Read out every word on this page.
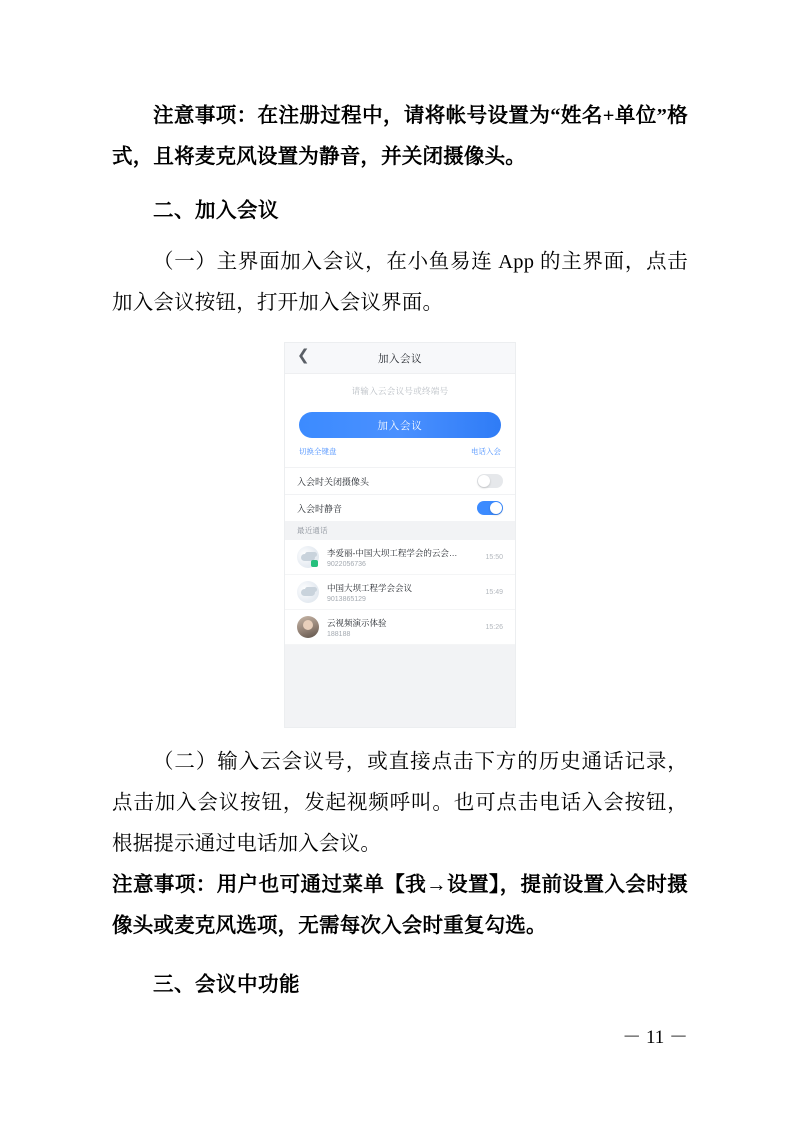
注意事项：在注册过程中，请将帐号设置为“姓名+单位”格式，且将麦克风设置为静音，并关闭摄像头。

二、加入会议

（一）主界面加入会议，在小鱼易连 App 的主界面，点击加入会议按钮，打开加入会议界面。

❮	加入会议
请输入云会议号或终端号
加入会议
切换全键盘	电话入会
入会时关闭摄像头
入会时静音
最近通话
李爱丽-中国大坝工程学会的云会…
9022056736
15:50
中国大坝工程学会会议
9013865129
15:49
云视频演示体验
188188
15:26

（二）输入云会议号，或直接点击下方的历史通话记录，点击加入会议按钮，发起视频呼叫。也可点击电话入会按钮，根据提示通过电话加入会议。

注意事项：用户也可通过菜单【我→设置】，提前设置入会时摄像头或麦克风选项，无需每次入会时重复勾选。

三、会议中功能
－ 11 －
